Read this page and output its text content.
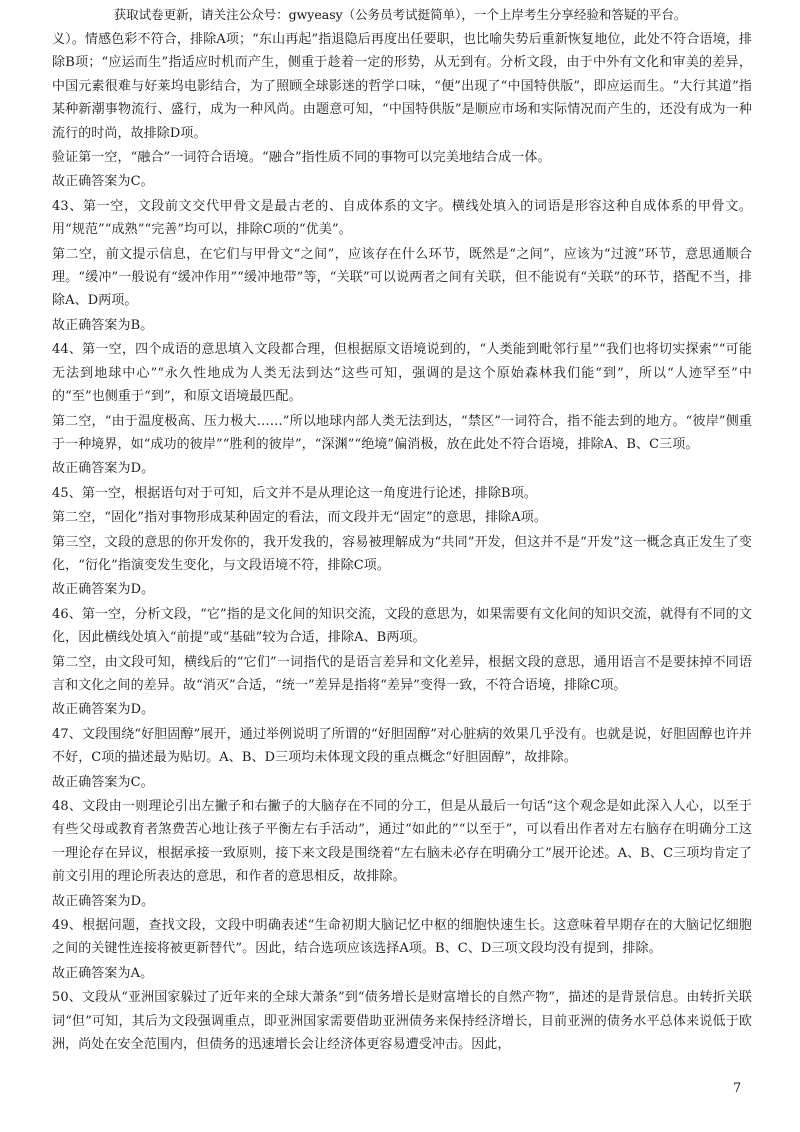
获取试卷更新，请关注公众号：gwyeasy（公务员考试挺简单），一个上岸考生分享经验和答疑的平台。

义）。情感色彩不符合，排除A项；“东山再起”指退隐后再度出任要职，也比喻失势后重新恢复地位，此处不符合语境，排除B项；“应运而生”指适应时机而产生，侧重于趁着一定的形势，从无到有。分析文段，由于中外有文化和审美的差异，中国元素很难与好莱坞电影结合，为了照顾全球影迷的哲学口味，“便”出现了“中国特供版”，即应运而生。“大行其道”指某种新潮事物流行、盛行，成为一种风尚。由题意可知，“中国特供版”是顺应市场和实际情况而产生的，还没有成为一种流行的时尚，故排除D项。

验证第一空，“融合”一词符合语境。“融合”指性质不同的事物可以完美地结合成一体。

故正确答案为C。

43、第一空，文段前文交代甲骨文是最古老的、自成体系的文字。横线处填入的词语是形容这种自成体系的甲骨文。用“规范”“成熟”“完善”均可以，排除C项的“优美”。

第二空，前文提示信息，在它们与甲骨文“之间”，应该存在什么环节，既然是“之间”，应该为“过渡”环节，意思通顺合理。“缓冲”一般说有“缓冲作用”“缓冲地带”等，“关联”可以说两者之间有关联，但不能说有“关联”的环节，搭配不当，排除A、D两项。

故正确答案为B。

44、第一空，四个成语的意思填入文段都合理，但根据原文语境说到的，“人类能到毗邻行星”“我们也将切实探索”“可能无法到地球中心”“永久性地成为人类无法到达”这些可知，强调的是这个原始森林我们能“到”，所以“人迹罕至”中的“至”也侧重于“到”，和原文语境最匹配。

第二空，“由于温度极高、压力极大……”所以地球内部人类无法到达，“禁区”一词符合，指不能去到的地方。“彼岸”侧重于一种境界，如“成功的彼岸”“胜利的彼岸”，“深渊”“绝境”偏消极，放在此处不符合语境，排除A、B、C三项。

故正确答案为D。

45、第一空，根据语句对于可知，后文并不是从理论这一角度进行论述，排除B项。

第二空，“固化”指对事物形成某种固定的看法，而文段并无“固定”的意思，排除A项。

第三空，文段的意思的你开发你的，我开发我的，容易被理解成为“共同”开发，但这并不是“开发”这一概念真正发生了变化，“衍化”指演变发生变化，与文段语境不符，排除C项。

故正确答案为D。

46、第一空，分析文段，“它”指的是文化间的知识交流，文段的意思为，如果需要有文化间的知识交流，就得有不同的文化，因此横线处填入“前提”或“基础”较为合适，排除A、B两项。

第二空，由文段可知，横线后的“它们”一词指代的是语言差异和文化差异，根据文段的意思，通用语言不是要抹掉不同语言和文化之间的差异。故“消灭”合适，“统一”差异是指将“差异”变得一致，不符合语境，排除C项。

故正确答案为D。

47、文段围绕“好胆固醇”展开，通过举例说明了所谓的“好胆固醇”对心脏病的效果几乎没有。也就是说，好胆固醇也许并不好，C项的描述最为贴切。A、B、D三项均未体现文段的重点概念“好胆固醇”，故排除。

故正确答案为C。

48、文段由一则理论引出左撇子和右撇子的大脑存在不同的分工，但是从最后一句话“这个观念是如此深入人心，以至于有些父母或教育者煞费苦心地让孩子平衡左右手活动”，通过“如此的”“以至于”，可以看出作者对左右脑存在明确分工这一理论存在异议，根据承接一致原则，接下来文段是围绕着“左右脑未必存在明确分工”展开论述。A、B、C三项均肯定了前文引用的理论所表达的意思，和作者的意思相反，故排除。

故正确答案为D。

49、根据问题，查找文段，文段中明确表述“生命初期大脑记忆中枢的细胞快速生长。这意味着早期存在的大脑记忆细胞之间的关键性连接将被更新替代”。因此，结合选项应该选择A项。B、C、D三项文段均没有提到，排除。

故正确答案为A。

50、文段从“亚洲国家躲过了近年来的全球大萧条”到“债务增长是财富增长的自然产物”，描述的是背景信息。由转折关联词“但”可知，其后为文段强调重点，即亚洲国家需要借助亚洲债务来保持经济增长，目前亚洲的债务水平总体来说低于欧洲，尚处在安全范围内，但债务的迅速增长会让经济体更容易遭受冲击。因此，

7
